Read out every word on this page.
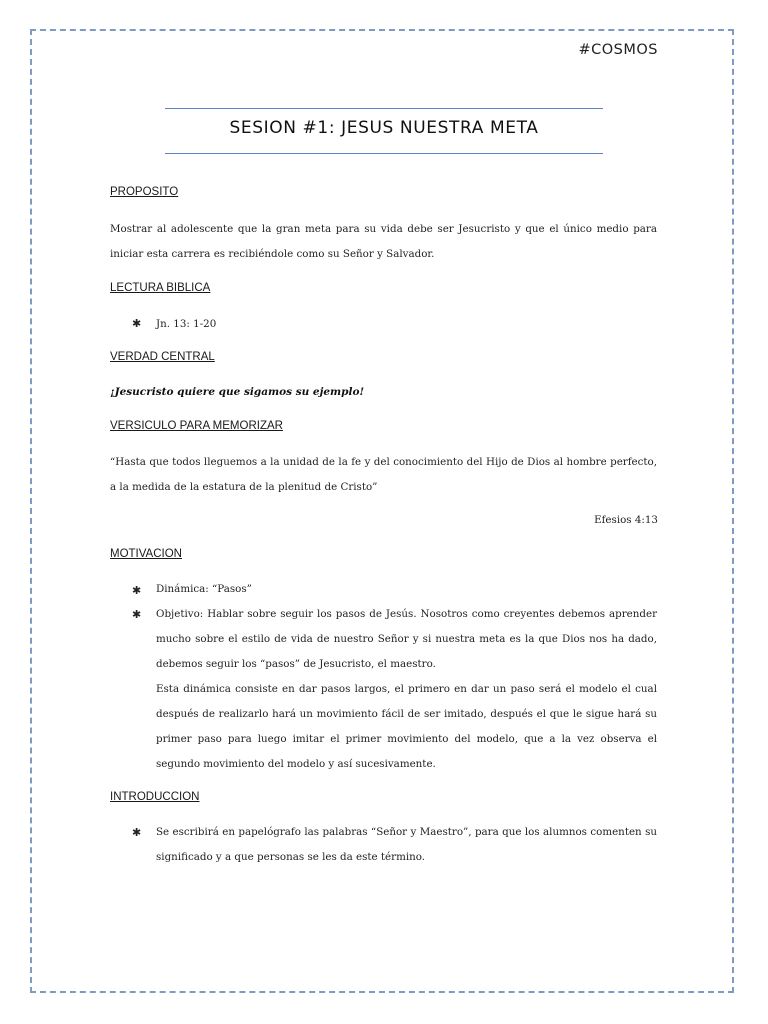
#COSMOS
SESION #1: JESUS NUESTRA META
PROPOSITO

Mostrar al adolescente que la gran meta para su vida debe ser Jesucristo y que el único medio para iniciar esta carrera es recibiéndole como su Señor y Salvador.

LECTURA BIBLICA
✱ Jn. 13: 1-20

VERDAD CENTRAL
¡Jesucristo quiere que sigamos su ejemplo!
VERSICULO PARA MEMORIZAR

“Hasta que todos lleguemos a la unidad de la fe y del conocimiento del Hijo de Dios al hombre perfecto, a la medida de la estatura de la plenitud de Cristo”

Efesios 4:13
MOTIVACION
✱ Dinámica: “Pasos”

✱ Objetivo: Hablar sobre seguir los pasos de Jesús. Nosotros como creyentes debemos aprender mucho sobre el estilo de vida de nuestro Señor y si nuestra meta es la que Dios nos ha dado, debemos seguir los “pasos” de Jesucristo, el maestro.

Esta dinámica consiste en dar pasos largos, el primero en dar un paso será el modelo el cual después de realizarlo hará un movimiento fácil de ser imitado, después el que le sigue hará su primer paso para luego imitar el primer movimiento del modelo, que a la vez observa el segundo movimiento del modelo y así sucesivamente.

INTRODUCCION
✱ Se escribirá en papelógrafo las palabras “Señor y Maestro”, para que los alumnos comenten su significado y a que personas se les da este término.
